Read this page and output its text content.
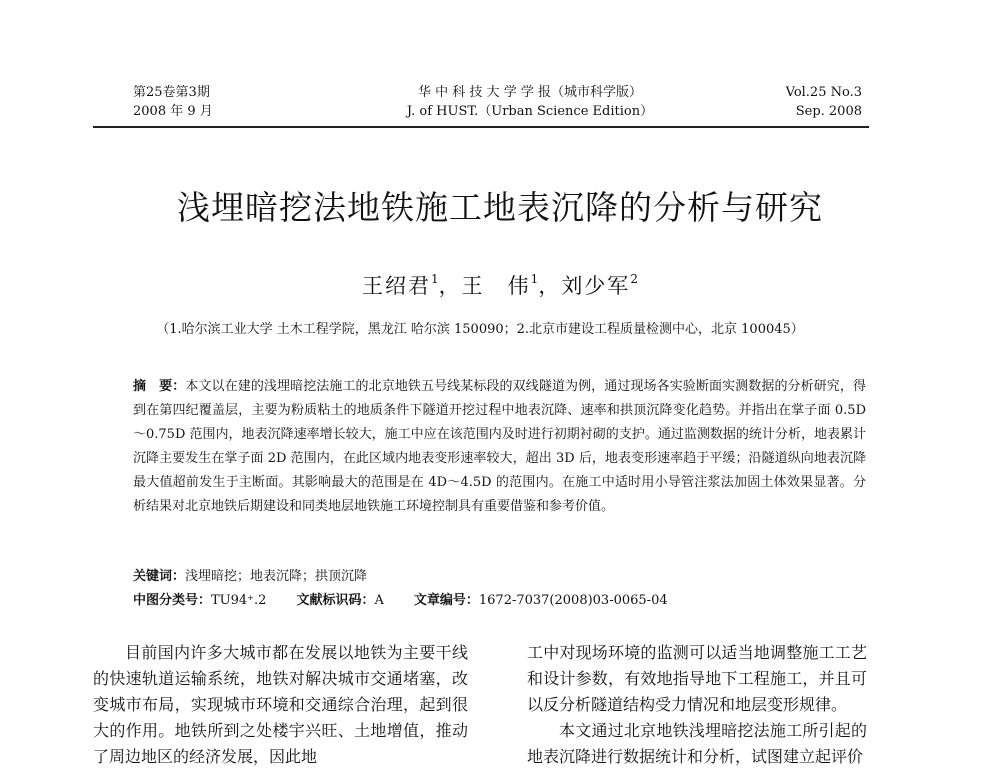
第25卷第3期
2008 年 9 月
华 中 科 技 大 学 学 报（城市科学版）
J. of HUST.（Urban Science Edition）
Vol.25 No.3
Sep. 2008
浅埋暗挖法地铁施工地表沉降的分析与研究
王绍君$^1$，王　伟$^1$，刘少军$^2$
（1.哈尔滨工业大学 土木工程学院，黑龙江 哈尔滨 150090；2.北京市建设工程质量检测中心，北京 100045）
摘　要：本文以在建的浅埋暗挖法施工的北京地铁五号线某标段的双线隧道为例，通过现场各实验断面实测数据的分析研究，得到在第四纪覆盖层，主要为粉质粘土的地质条件下隧道开挖过程中地表沉降、速率和拱顶沉降变化趋势。并指出在掌子面 0.5D～0.75D 范围内，地表沉降速率增长较大，施工中应在该范围内及时进行初期衬砌的支护。通过监测数据的统计分析，地表累计沉降主要发生在掌子面 2D 范围内，在此区域内地表变形速率较大，超出 3D 后，地表变形速率趋于平缓；沿隧道纵向地表沉降最大值超前发生于主断面。其影响最大的范围是在 4D～4.5D 的范围内。在施工中适时用小导管注浆法加固土体效果显著。分析结果对北京地铁后期建设和同类地层地铁施工环境控制具有重要借鉴和参考价值。
关键词：浅埋暗挖；地表沉降；拱顶沉降
中图分类号：TU94⁺.2 文献标识码：A 文章编号：1672-7037(2008)03-0065-04

目前国内许多大城市都在发展以地铁为主要干线的快速轨道运输系统，地铁对解决城市交通堵塞，改变城市布局，实现城市环境和交通综合治理，起到很大的作用。地铁所到之处楼宇兴旺、土地增值，推动了周边地区的经济发展，因此地

工中对现场环境的监测可以适当地调整施工工艺和设计参数，有效地指导地下工程施工，并且可以反分析隧道结构受力情况和地层变形规律。

本文通过北京地铁浅埋暗挖法施工所引起的地表沉降进行数据统计和分析，试图建立起评价
